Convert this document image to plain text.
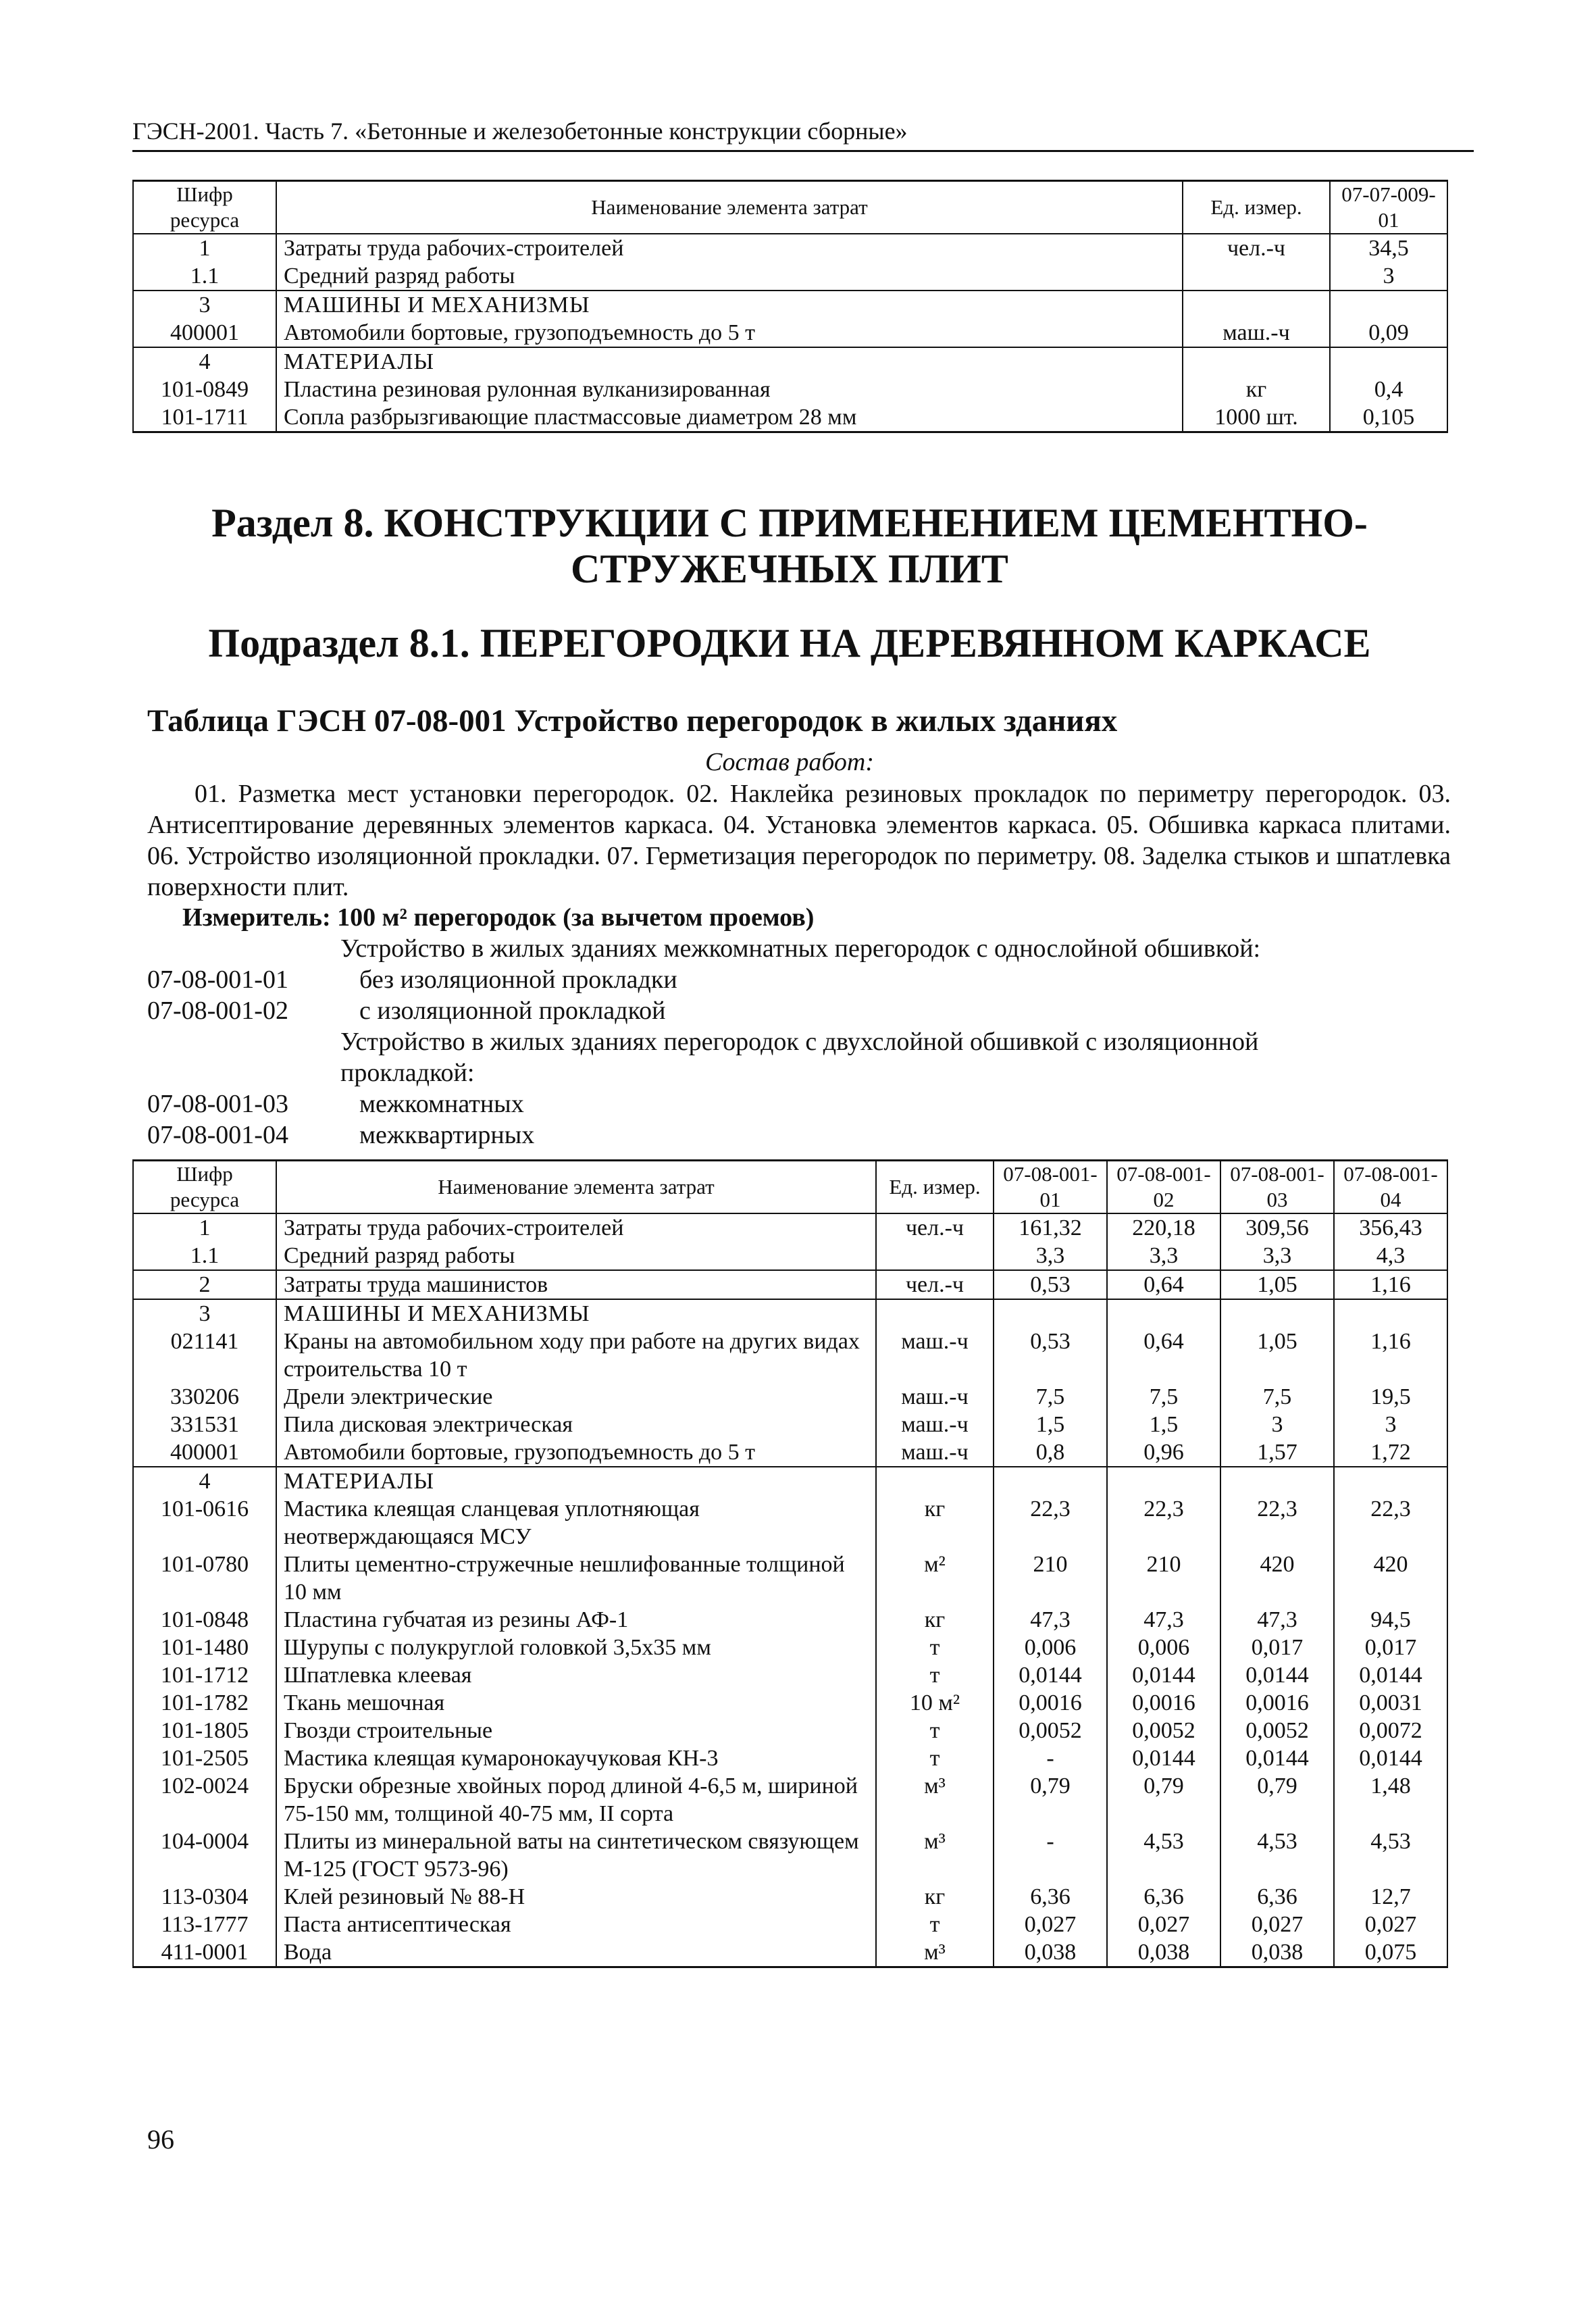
ГЭСН-2001. Часть 7. «Бетонные и железобетонные конструкции сборные»
Шифр ресурса	Наименование элемента затрат	Ед. измер.	07-07-009-01
1	Затраты труда рабочих-строителей	чел.-ч	34,5
1.1	Средний разряд работы		3
3	МАШИНЫ И МЕХАНИЗМЫ		
400001	Автомобили бортовые, грузоподъемность до 5 т	маш.-ч	0,09
4	МАТЕРИАЛЫ		
101-0849	Пластина резиновая рулонная вулканизированная	кг	0,4
101-1711	Сопла разбрызгивающие пластмассовые диаметром 28 мм	1000 шт.	0,105
Раздел 8. КОНСТРУКЦИИ С ПРИМЕНЕНИЕМ ЦЕМЕНТНО-СТРУЖЕЧНЫХ ПЛИТ
Подраздел 8.1. ПЕРЕГОРОДКИ НА ДЕРЕВЯННОМ КАРКАСЕ
Таблица ГЭСН 07-08-001 Устройство перегородок в жилых зданиях
Состав работ:
01. Разметка мест установки перегородок. 02. Наклейка резиновых прокладок по периметру перегородок. 03. Антисептирование деревянных элементов каркаса. 04. Установка элементов каркаса. 05. Обшивка каркаса плитами. 06. Устройство изоляционной прокладки. 07. Герметизация перегородок по периметру. 08. Заделка стыков и шпатлевка поверхности плит.
Измеритель: 100 м² перегородок (за вычетом проемов)
Устройство в жилых зданиях межкомнатных перегородок с однослойной обшивкой:
07-08-001-01	без изоляционной прокладки
07-08-001-02	с изоляционной прокладкой
Устройство в жилых зданиях перегородок с двухслойной обшивкой с изоляционной прокладкой:
07-08-001-03	межкомнатных
07-08-001-04	межквартирных
Шифр ресурса	Наименование элемента затрат	Ед. измер.	07-08-001-01	07-08-001-02	07-08-001-03	07-08-001-04
1	Затраты труда рабочих-строителей	чел.-ч	161,32	220,18	309,56	356,43
1.1	Средний разряд работы		3,3	3,3	3,3	4,3
2	Затраты труда машинистов	чел.-ч	0,53	0,64	1,05	1,16
3	МАШИНЫ И МЕХАНИЗМЫ					
021141	Краны на автомобильном ходу при работе на других видах строительства 10 т	маш.-ч	0,53	0,64	1,05	1,16
330206	Дрели электрические	маш.-ч	7,5	7,5	7,5	19,5
331531	Пила дисковая электрическая	маш.-ч	1,5	1,5	3	3
400001	Автомобили бортовые, грузоподъемность до 5 т	маш.-ч	0,8	0,96	1,57	1,72
4	МАТЕРИАЛЫ					
101-0616	Мастика клеящая сланцевая уплотняющая неотверждающаяся МСУ	кг	22,3	22,3	22,3	22,3
101-0780	Плиты цементно-стружечные нешлифованные толщиной 10 мм	м²	210	210	420	420
101-0848	Пластина губчатая из резины АФ-1	кг	47,3	47,3	47,3	94,5
101-1480	Шурупы с полукруглой головкой 3,5х35 мм	т	0,006	0,006	0,017	0,017
101-1712	Шпатлевка клеевая	т	0,0144	0,0144	0,0144	0,0144
101-1782	Ткань мешочная	10 м²	0,0016	0,0016	0,0016	0,0031
101-1805	Гвозди строительные	т	0,0052	0,0052	0,0052	0,0072
101-2505	Мастика клеящая кумаронокаучуковая КН-3	т	-	0,0144	0,0144	0,0144
102-0024	Бруски обрезные хвойных пород длиной 4-6,5 м, шириной 75-150 мм, толщиной 40-75 мм, II сорта	м³	0,79	0,79	0,79	1,48
104-0004	Плиты из минеральной ваты на синтетическом связующем М-125 (ГОСТ 9573-96)	м³	-	4,53	4,53	4,53
113-0304	Клей резиновый № 88-Н	кг	6,36	6,36	6,36	12,7
113-1777	Паста антисептическая	т	0,027	0,027	0,027	0,027
411-0001	Вода	м³	0,038	0,038	0,038	0,075
96
